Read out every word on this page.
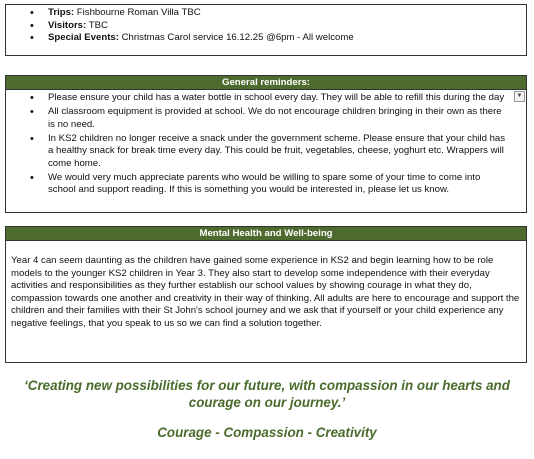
• Trips: Fishbourne Roman Villa TBC
• Visitors: TBC
• Special Events: Christmas Carol service 16.12.25 @6pm - All welcome
General reminders:
▼
• Please ensure your child has a water bottle in school every day. They will be able to refill this during the day
• All classroom equipment is provided at school. We do not encourage children bringing in their own as there is no need.
• In KS2 children no longer receive a snack under the government scheme. Please ensure that your child has a healthy snack for break time every day. This could be fruit, vegetables, cheese, yoghurt etc. Wrappers will come home.
• We would very much appreciate parents who would be willing to spare some of your time to come into school and support reading. If this is something you would be interested in, please let us know.
Mental Health and Well-being
Year 4 can seem daunting as the children have gained some experience in KS2 and begin learning how to be role models to the younger KS2 children in Year 3. They also start to develop some independence with their everyday activities and responsibilities as they further establish our school values by showing courage in what they do, compassion towards one another and creativity in their way of thinking. All adults are here to encourage and support the children and their families with their St John's school journey and we ask that if yourself or your child experience any negative feelings, that you speak to us so we can find a solution together.
‘Creating new possibilities for our future, with compassion in our hearts and courage on our journey.’
Courage - Compassion - Creativity
